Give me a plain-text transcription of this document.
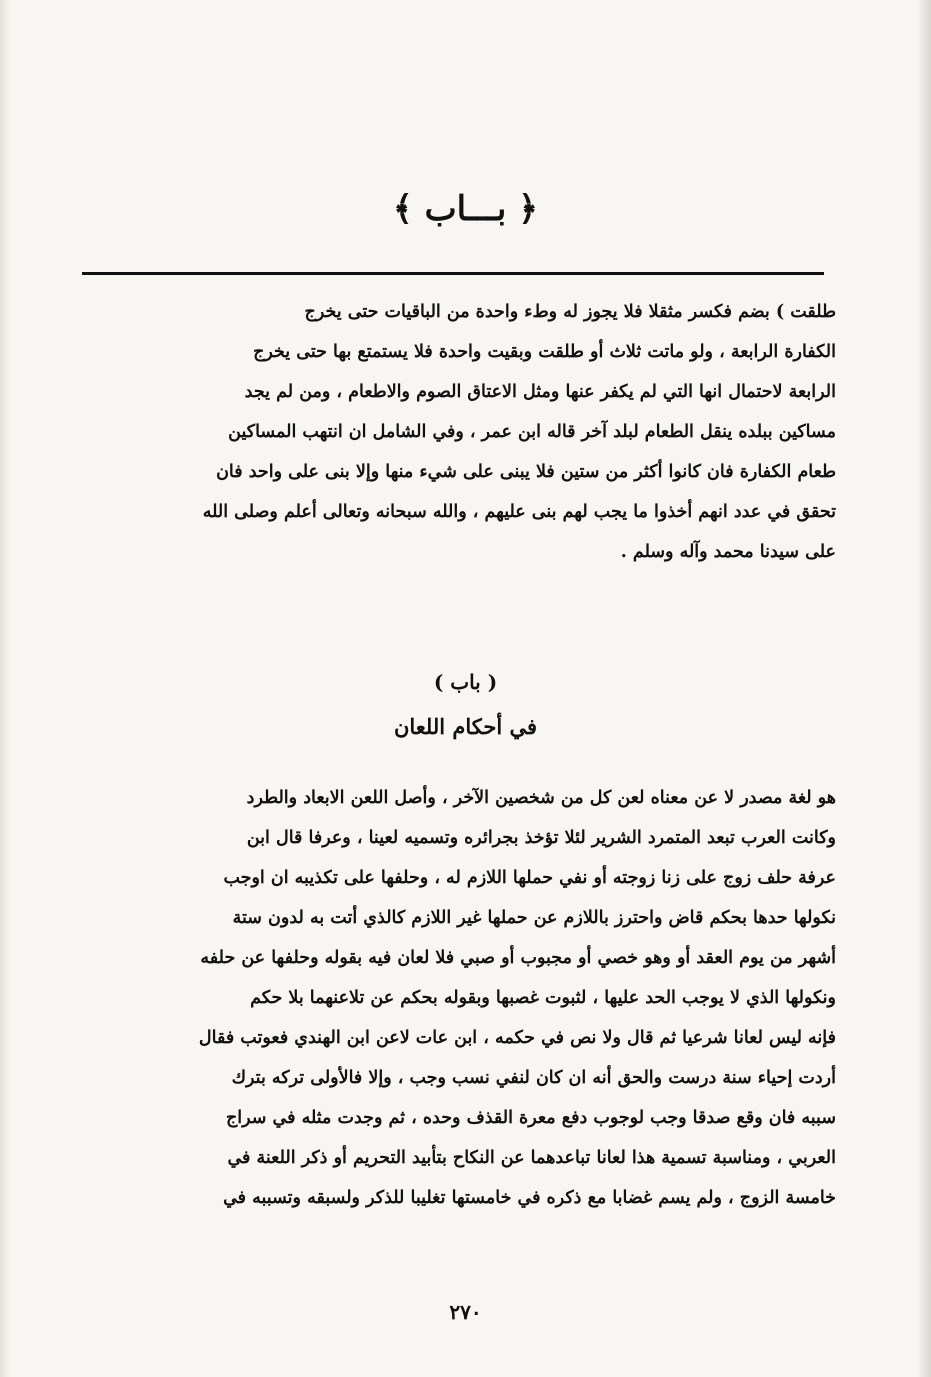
﴿ بـــاب ﴾
طلقت ) بضم فكسر مثقلا فلا يجوز له وطء واحدة من الباقيات حتى يخرج
الكفارة الرابعة ، ولو ماتت ثلاث أو طلقت وبقيت واحدة فلا يستمتع بها حتى يخرج
الرابعة لاحتمال انها التي لم يكفر عنها ومثل الاعتاق الصوم والاطعام ، ومن لم يجد
مساكين ببلده ينقل الطعام لبلد آخر قاله ابن عمر ، وفي الشامل ان انتهب المساكين
طعام الكفارة فان كانوا أكثر من ستين فلا يبنى على شيء منها وإلا بنى على واحد فان
تحقق في عدد انهم أخذوا ما يجب لهم بنى عليهم ، والله سبحانه وتعالى أعلم وصلى الله
على سيدنا محمد وآله وسلم .
( باب )
في أحكام اللعان
هو لغة مصدر لا عن معناه لعن كل من شخصين الآخر ، وأصل اللعن الابعاد والطرد
وكانت العرب تبعد المتمرد الشرير لئلا تؤخذ بجرائره وتسميه لعينا ، وعرفا قال ابن
عرفة حلف زوج على زنا زوجته أو نفي حملها اللازم له ، وحلفها على تكذيبه ان اوجب
نكولها حدها بحكم قاض واحترز باللازم عن حملها غير اللازم كالذي أتت به لدون ستة
أشهر من يوم العقد أو وهو خصي أو مجبوب أو صبي فلا لعان فيه بقوله وحلفها عن حلفه
ونكولها الذي لا يوجب الحد عليها ، لثبوت غصبها وبقوله بحكم عن تلاعنهما بلا حكم
فإنه ليس لعانا شرعيا ثم قال ولا نص في حكمه ، ابن عات لاعن ابن الهندي فعوتب فقال
أردت إحياء سنة درست والحق أنه ان كان لنفي نسب وجب ، وإلا فالأولى تركه بترك
سببه فان وقع صدقا وجب لوجوب دفع معرة القذف وحده ، ثم وجدت مثله في سراج
العربي ، ومناسبة تسمية هذا لعانا تباعدهما عن النكاح بتأبيد التحريم أو ذكر اللعنة في
خامسة الزوج ، ولم يسم غضابا مع ذكره في خامستها تغليبا للذكر ولسبقه وتسببه في
٢٧٠
